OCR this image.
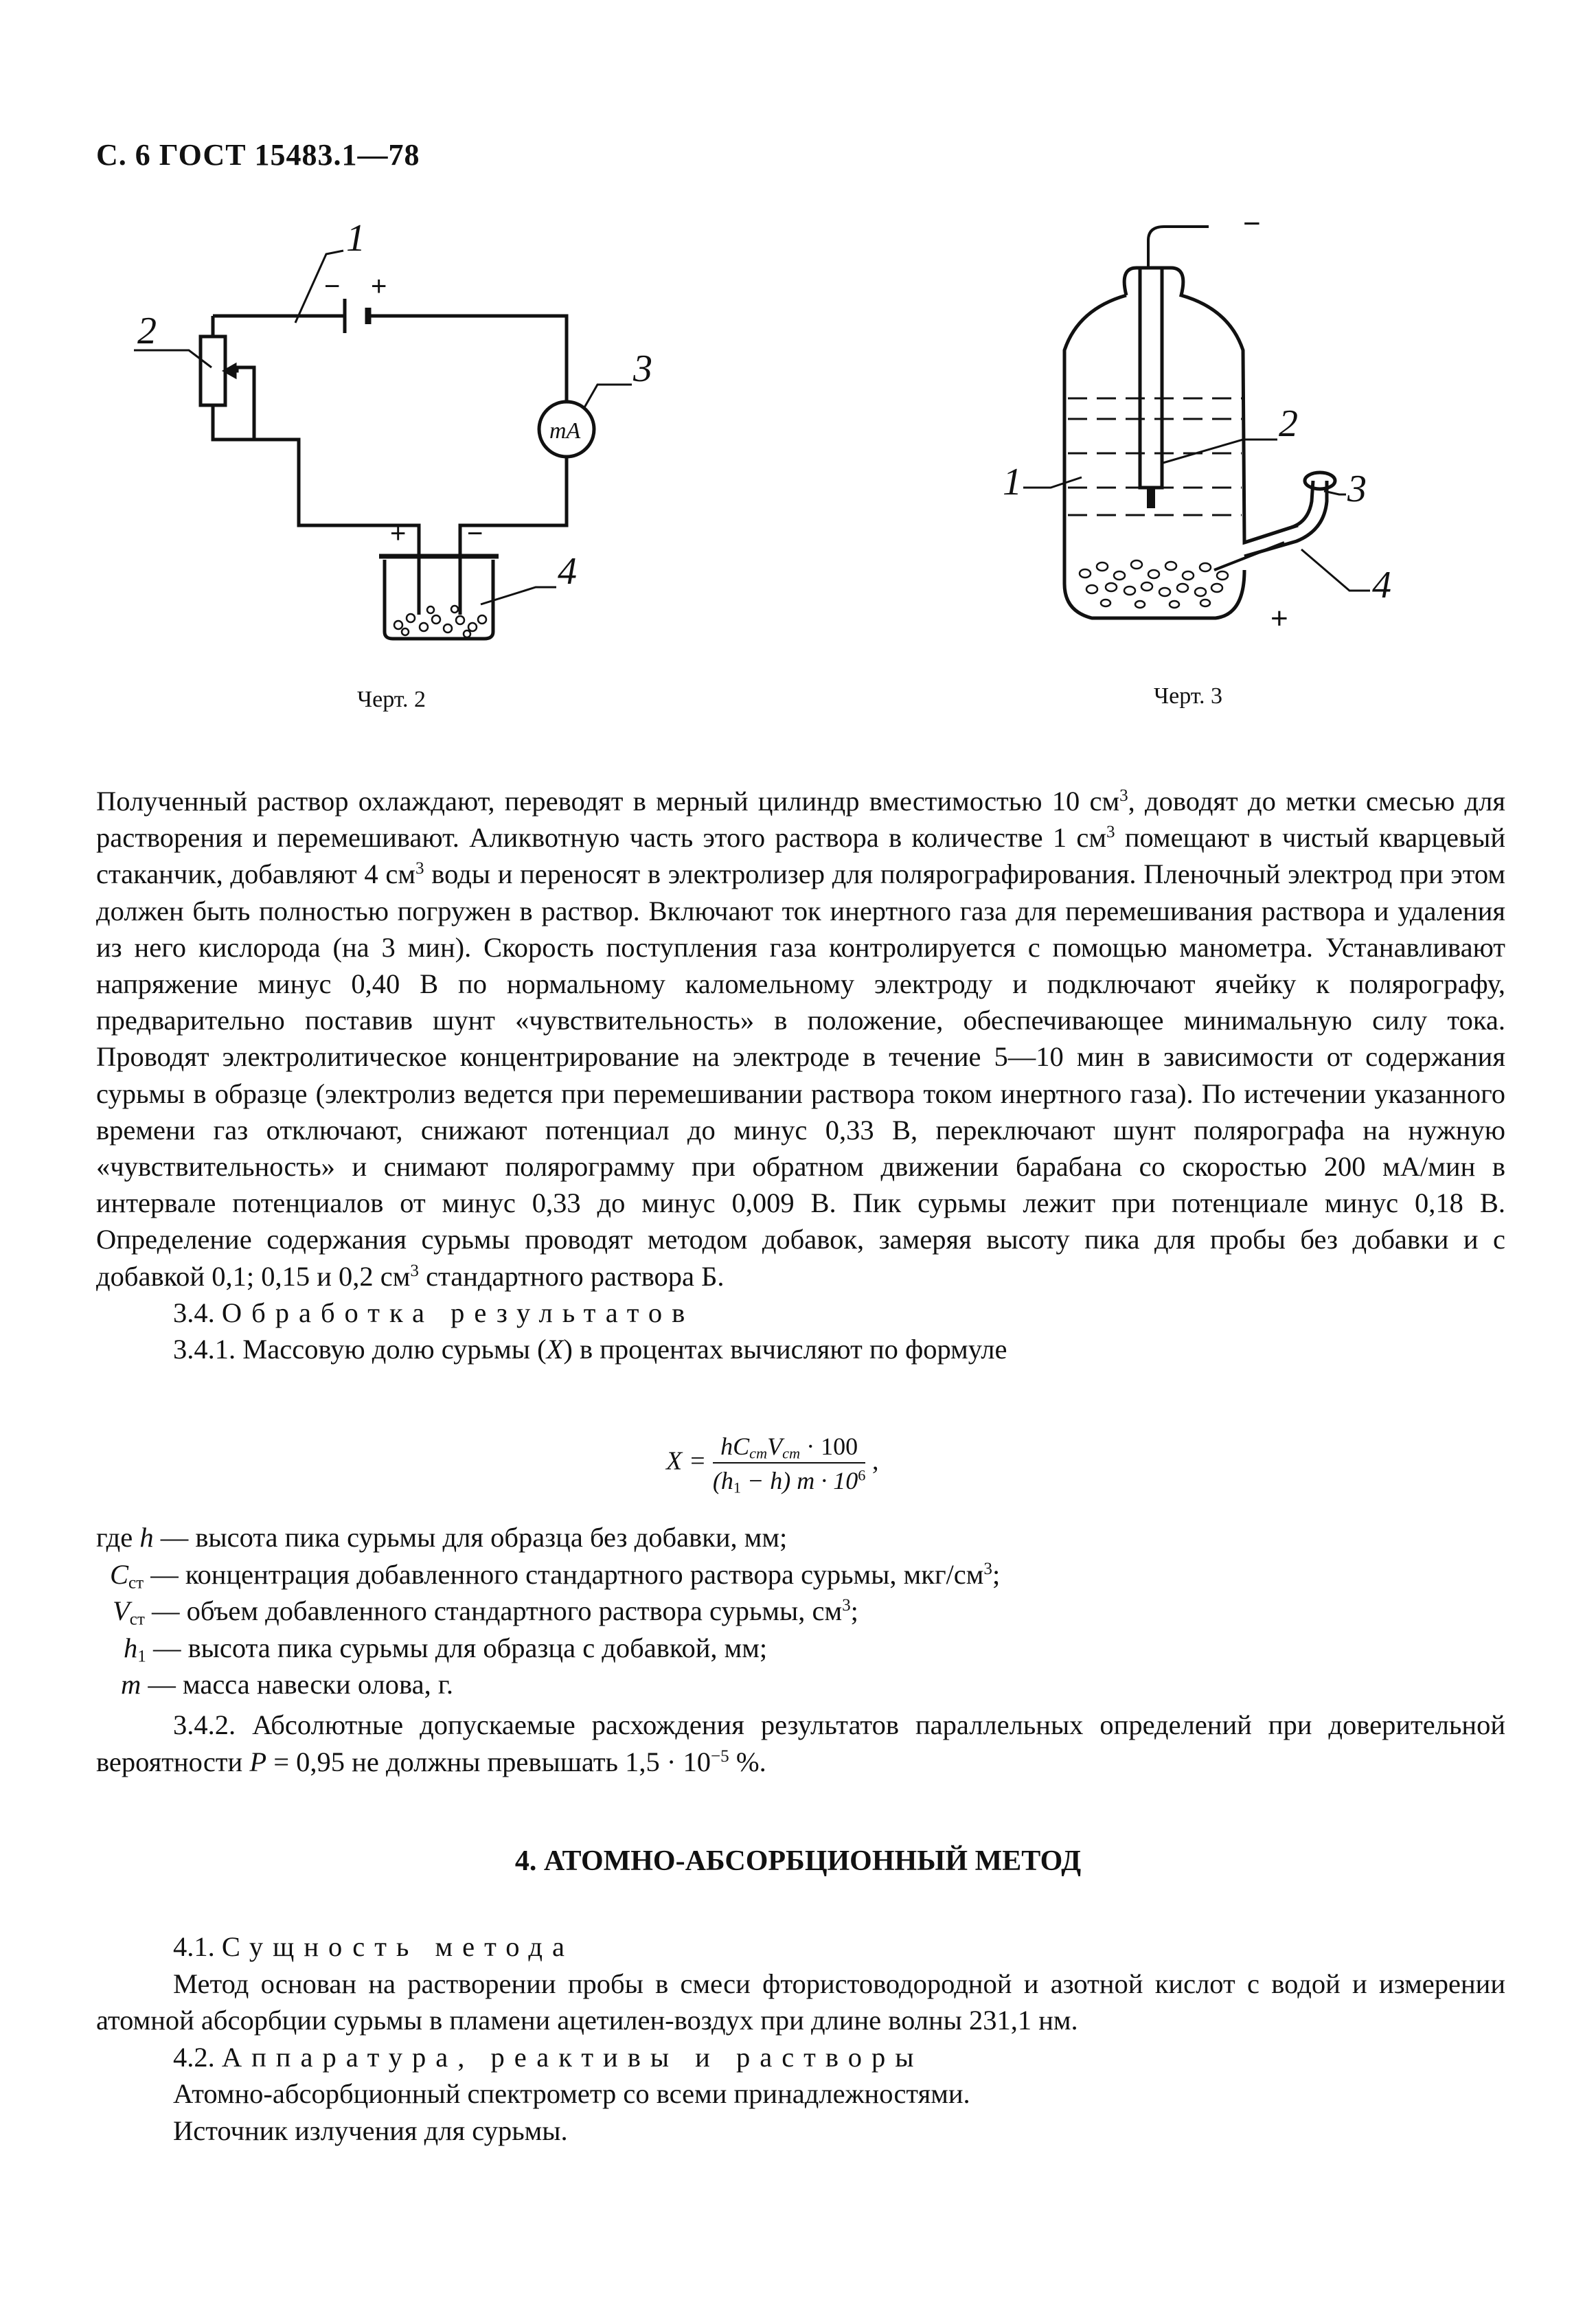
С. 6 ГОСТ 15483.1—78
1
2
3
4
mA
− +
+ −
Черт. 2
1
2
3
4
−
+
Черт. 3

Полученный раствор охлаждают, переводят в мерный цилиндр вместимостью 10 $см^3$, доводят до метки смесью для растворения и перемешивают. Аликвотную часть этого раствора в количестве 1 $см^3$ помещают в чистый кварцевый стаканчик, добавляют 4 $см^3$ воды и переносят в электролизер для полярографирования. Пленочный электрод при этом должен быть полностью погружен в раствор. Включают ток инертного газа для перемешивания раствора и удаления из него кислорода (на 3 мин). Скорость поступления газа контролируется с помощью манометра. Устанавливают напряжение минус 0,40 В по нормальному каломельному электроду и подключают ячейку к полярографу, предварительно поставив шунт «чувствительность» в положение, обеспечивающее минимальную силу тока. Проводят электролитическое концентрирование на электроде в течение 5—10 мин в зависимости от содержания сурьмы в образце (электролиз ведется при перемешивании раствора током инертного газа). По истечении указанного времени газ отключают, снижают потенциал до минус 0,33 В, переключают шунт полярографа на нужную «чувствительность» и снимают полярограмму при обратном движении барабана со скоростью 200 мА/мин в интервале потенциалов от минус 0,33 до минус 0,009 В. Пик сурьмы лежит при потенциале минус 0,18 В. Определение содержания сурьмы проводят методом добавок, замеряя высоту пика для пробы без добавки и с добавкой 0,1; 0,15 и 0,2 $см^3$ стандартного раствора Б.

3.4. Обработка результатов

3.4.1. Массовую долю сурьмы (X) в процентах вычисляют по формуле

$X = \frac{hC_{ст}V_{ст} \cdot 100}{(h_1 - h) m \cdot 10^6}$ ,
где h — высота пика сурьмы для образца без добавки, мм;
$C_{ст}$ — концентрация добавленного стандартного раствора сурьмы, мкг/$см^3$;
$V_{ст}$ — объем добавленного стандартного раствора сурьмы, $см^3$;
$h_1$ — высота пика сурьмы для образца с добавкой, мм;
m — масса навески олова, г.

3.4.2. Абсолютные допускаемые расхождения результатов параллельных определений при доверительной вероятности P = 0,95 не должны превышать $1,5 \cdot 10^{-5}$ %.

4. АТОМНО-АБСОРБЦИОННЫЙ МЕТОД

4.1. Сущность метода

Метод основан на растворении пробы в смеси фтористоводородной и азотной кислот с водой и измерении атомной абсорбции сурьмы в пламени ацетилен-воздух при длине волны 231,1 нм.

4.2. Аппаратура, реактивы и растворы

Атомно-абсорбционный спектрометр со всеми принадлежностями.

Источник излучения для сурьмы.
